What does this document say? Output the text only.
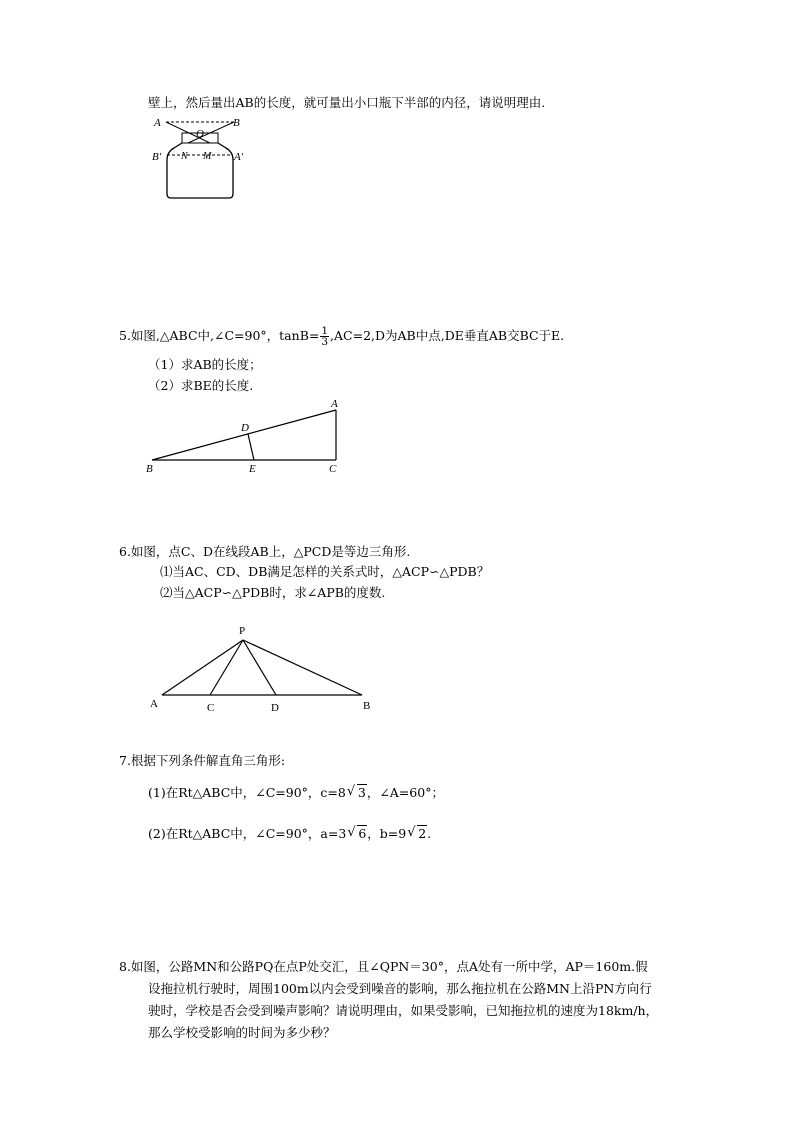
壁上，然后量出AB的长度，就可量出小口瓶下半部的内径，请说明理由.
A	B
O
N M
B′	A′
5.如图,△ABC中,∠C=90°，$\tan B= \frac{1}{3} ,AC=2,D$为AB中点,DE垂直AB交BC于E.
（1）求AB的长度；
（2）求BE的长度.
A
B	C
D
E
6.如图，点C、D在线段AB上，△PCD是等边三角形.
⑴当AC、CD、DB满足怎样的关系式时，△ACP∽△PDB？
⑵当△ACP∽△PDB时，求∠APB的度数.
P
A	C	D	B
7.根据下列条件解直角三角形:
(1)在Rt△ABC中，∠C=90°，c=8 √ 3，∠A=60°；
(2)在Rt△ABC中，∠C=90°，a=3 √ 6，b=9 √ 2.
8.如图，公路MN和公路PQ在点P处交汇，且∠QPN＝30°，点A处有一所中学，AP＝160m.假
设拖拉机行驶时，周围100m以内会受到噪音的影响，那么拖拉机在公路MN上沿PN方向行
驶时，学校是否会受到噪声影响？请说明理由，如果受影响，已知拖拉机的速度为18km/h，
那么学校受影响的时间为多少秒？
